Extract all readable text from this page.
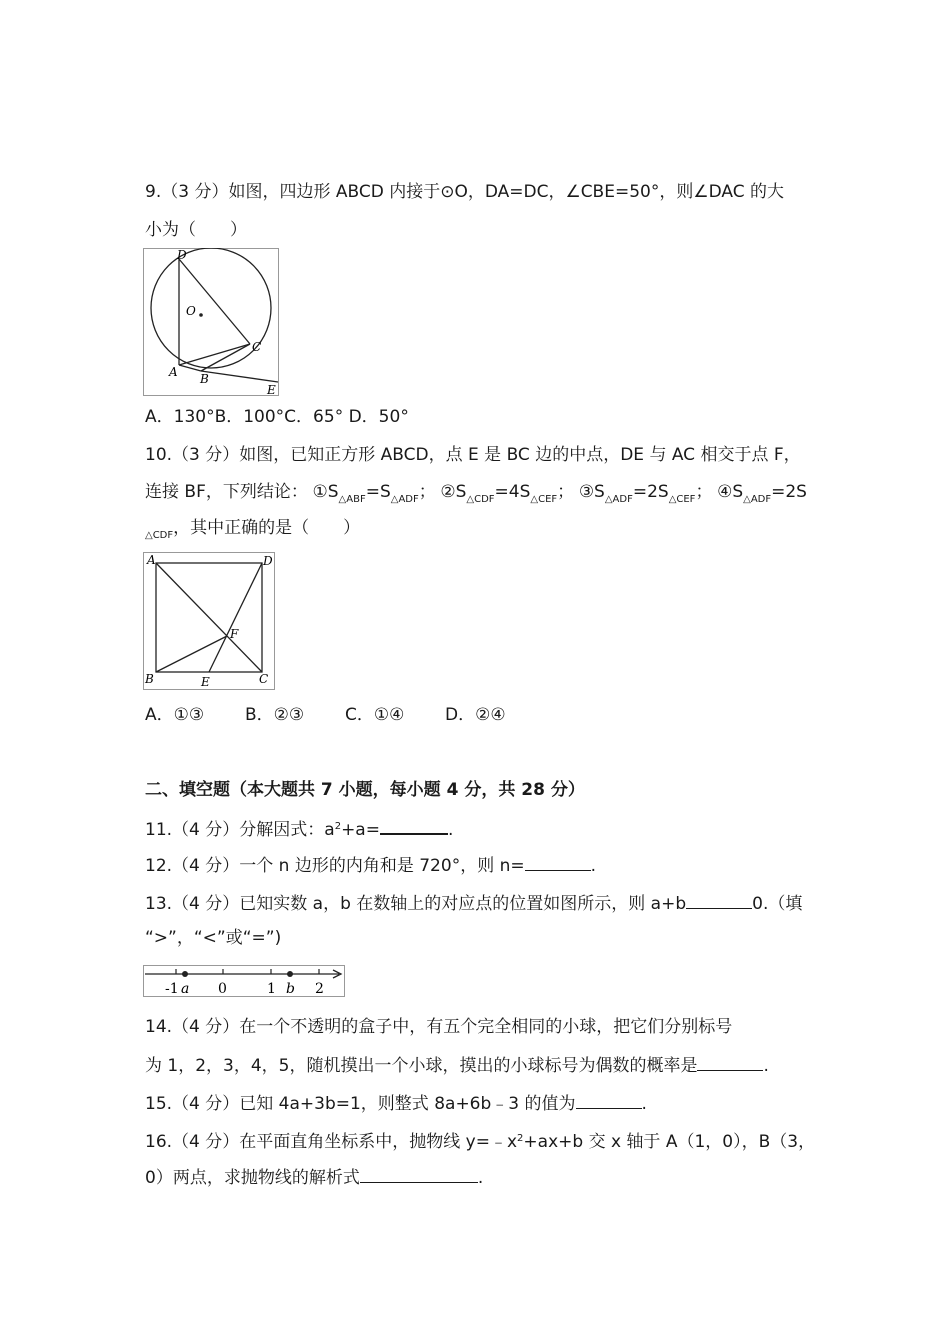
9.（3 分）如图，四边形 ABCD 内接于⊙O，DA=DC，∠CBE=50°，则∠DAC 的大
小为（　　）
D
O
C
A B
E
A．130°B．100°C．65° D．50°
10.（3 分）如图，已知正方形 ABCD，点 E 是 BC 边的中点，DE 与 AC 相交于点 F，
连接 BF，下列结论： $①S_{\triangle ABF}=S_{\triangle ADF}$； $②S_{\triangle CDF}=4S_{\triangle CEF}$； $③S_{\triangle ADF}=2S_{\triangle CEF}$； $④S_{\triangle ADF}=2S$
$_{\triangle CDF}$，其中正确的是（　　）
A	D
F
B	E	C
A．①③ B．②③ C．①④ D．②④
二、填空题（本大题共 7 小题，每小题 4 分，共 28 分）
11.（4 分）分解因式：$a^2+a=$	.
12.（4 分）一个 n 边形的内角和是 720°，则 n=	.
13.（4 分）已知实数 a，b 在数轴上的对应点的位置如图所示，则 a+b	0.（填
“>”，“<”或“=”)
-1 a 0	1 b 2
14.（4 分）在一个不透明的盒子中，有五个完全相同的小球，把它们分别标号
为 1，2，3，4，5，随机摸出一个小球，摸出的小球标号为偶数的概率是	.
15.（4 分）已知 4a+3b=1，则整式 8a+6b﹣3 的值为	.
16.（4 分）在平面直角坐标系中，抛物线 $y=﹣x^2+ax+b$ 交 x 轴于 A（1，0），B（3，
0）两点，求抛物线的解析式	.
